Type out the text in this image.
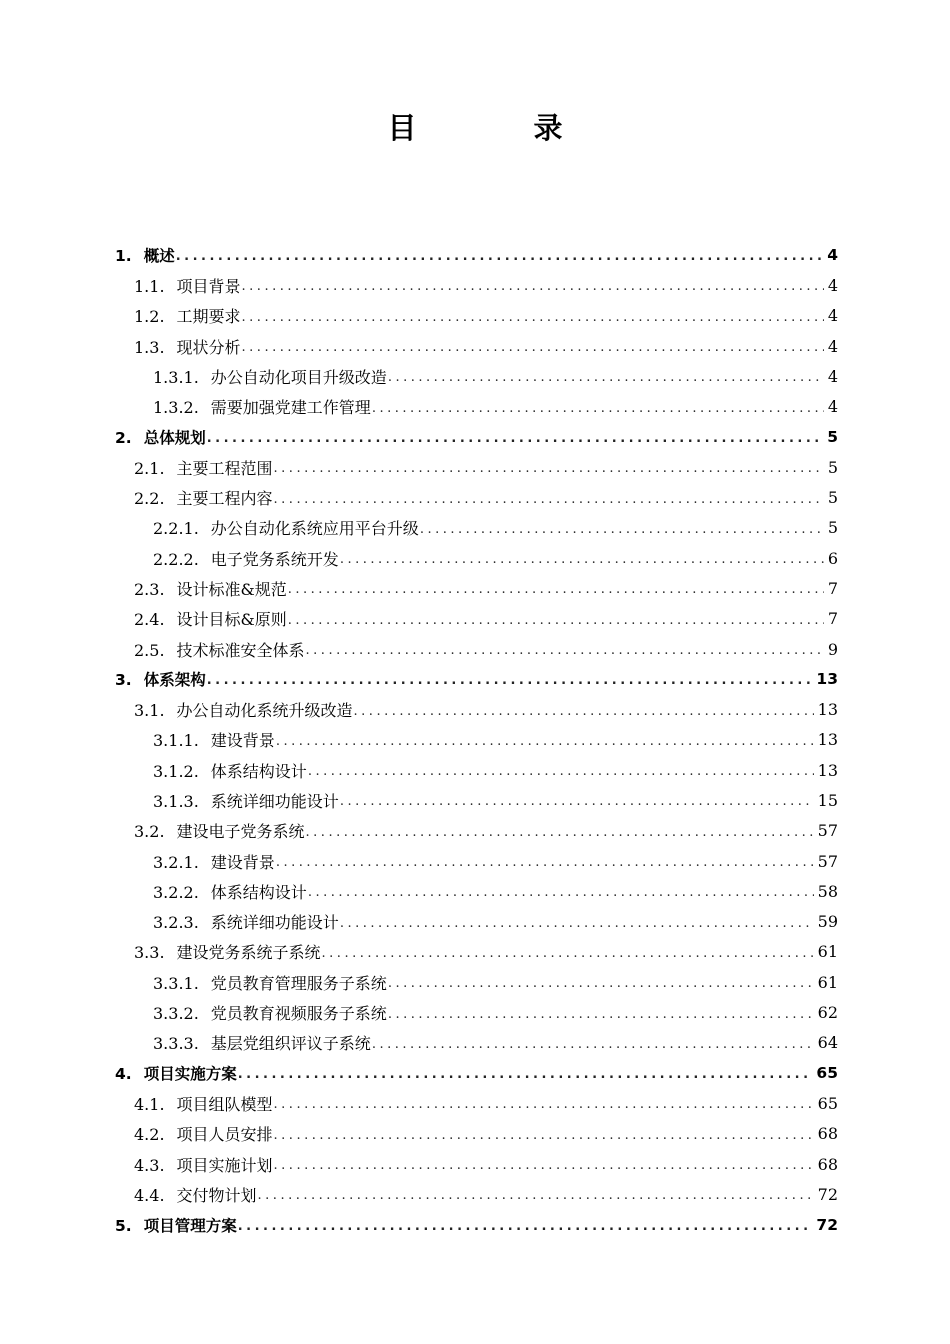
目　录
1. 概述 .....	4
1.1. 项目背景 .....	4
1.2. 工期要求 .....	4
1.3. 现状分析 .....	4
1.3.1. 办公自动化项目升级改造 .....	4
1.3.2. 需要加强党建工作管理 .....	4
2. 总体规划 .....	5
2.1. 主要工程范围 .....	5
2.2. 主要工程内容 .....	5
2.2.1. 办公自动化系统应用平台升级 .....	5
2.2.2. 电子党务系统开发 .....	6
2.3. 设计标准&规范 .....	7
2.4. 设计目标&原则 .....	7
2.5. 技术标准安全体系 .....	9
3. 体系架构 .....	13
3.1. 办公自动化系统升级改造 .....	13
3.1.1. 建设背景 .....	13
3.1.2. 体系结构设计 .....	13
3.1.3. 系统详细功能设计 .....	15
3.2. 建设电子党务系统 .....	57
3.2.1. 建设背景 .....	57
3.2.2. 体系结构设计 .....	58
3.2.3. 系统详细功能设计 .....	59
3.3. 建设党务系统子系统 .....	61
3.3.1. 党员教育管理服务子系统 .....	61
3.3.2. 党员教育视频服务子系统 .....	62
3.3.3. 基层党组织评议子系统 .....	64
4. 项目实施方案 .....	65
4.1. 项目组队模型 .....	65
4.2. 项目人员安排 .....	68
4.3. 项目实施计划 .....	68
4.4. 交付物计划 .....	72
5. 项目管理方案 .....	72
